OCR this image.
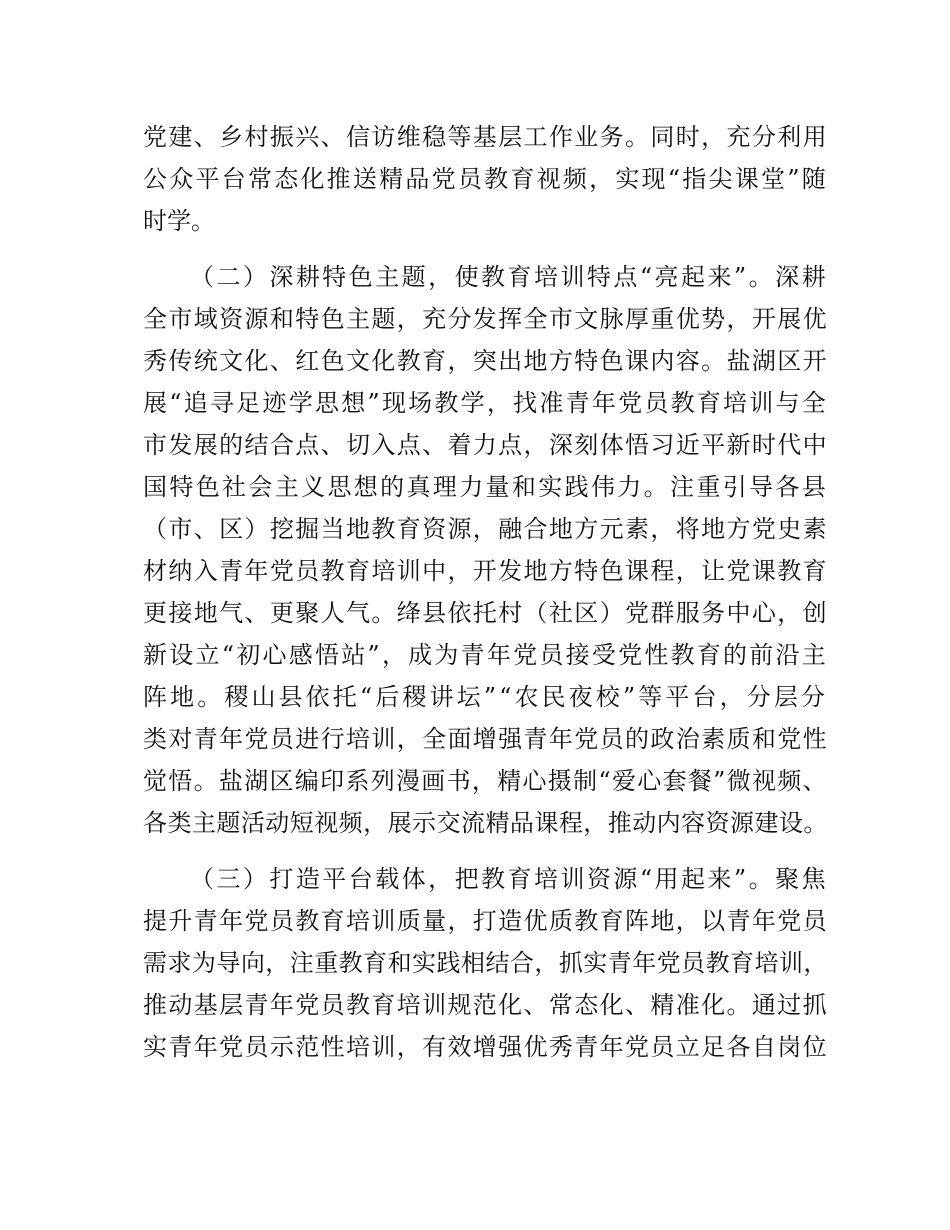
党建、乡村振兴、信访维稳等基层工作业务。同时，充分利用
公众平台常态化推送精品党员教育视频，实现“指尖课堂”随
时学。
（二）深耕特色主题，使教育培训特点“亮起来”。深耕
全市域资源和特色主题，充分发挥全市文脉厚重优势，开展优
秀传统文化、红色文化教育，突出地方特色课内容。盐湖区开
展“追寻足迹学思想”现场教学，找准青年党员教育培训与全
市发展的结合点、切入点、着力点，深刻体悟习近平新时代中
国特色社会主义思想的真理力量和实践伟力。注重引导各县
（市、区）挖掘当地教育资源，融合地方元素，将地方党史素
材纳入青年党员教育培训中，开发地方特色课程，让党课教育
更接地气、更聚人气。绛县依托村（社区）党群服务中心，创
新设立“初心感悟站”，成为青年党员接受党性教育的前沿主
阵地。稷山县依托“后稷讲坛”“农民夜校”等平台，分层分
类对青年党员进行培训，全面增强青年党员的政治素质和党性
觉悟。盐湖区编印系列漫画书，精心摄制“爱心套餐”微视频、
各类主题活动短视频，展示交流精品课程，推动内容资源建设。
（三）打造平台载体，把教育培训资源“用起来”。聚焦
提升青年党员教育培训质量，打造优质教育阵地，以青年党员
需求为导向，注重教育和实践相结合，抓实青年党员教育培训，
推动基层青年党员教育培训规范化、常态化、精准化。通过抓
实青年党员示范性培训，有效增强优秀青年党员立足各自岗位
